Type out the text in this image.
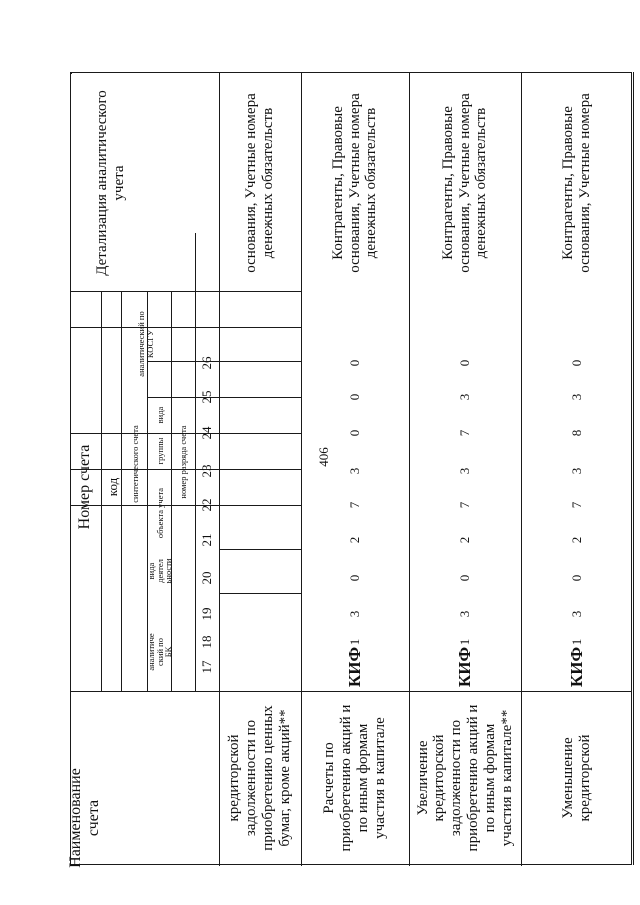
406
Наименование счета
Номер счета код
аналитиче
ский по
БК
вида
деятел
ьности
синтетического счета
объекта учета
группы
вида
аналитический по
КОСГУ
номер разряда счета
Детализация аналитического
учета
17
18
19
20
21
22
23
24
25
26
кредиторской
задолженности по
приобретению ценных
бумаг, кроме акций**
основания, Учетные номера
денежных обязательств
Расчеты по
приобретению акций и
по иным формам
участия в капитале
КИФ
1
3
0
2
7
3
0
0
0
Контрагенты, Правовые
основания, Учетные номера
денежных обязательств
Увеличение
кредиторской
задолженности по
приобретению акций и
по иным формам
участия в капитале**
КИФ
1
3
0
2
7
3
7
3
0
Контрагенты, Правовые
основания, Учетные номера
денежных обязательств
Уменьшение
кредиторской
КИФ
1
3
0
2
7
3
8
3
0
Контрагенты, Правовые
основания, Учетные номера
